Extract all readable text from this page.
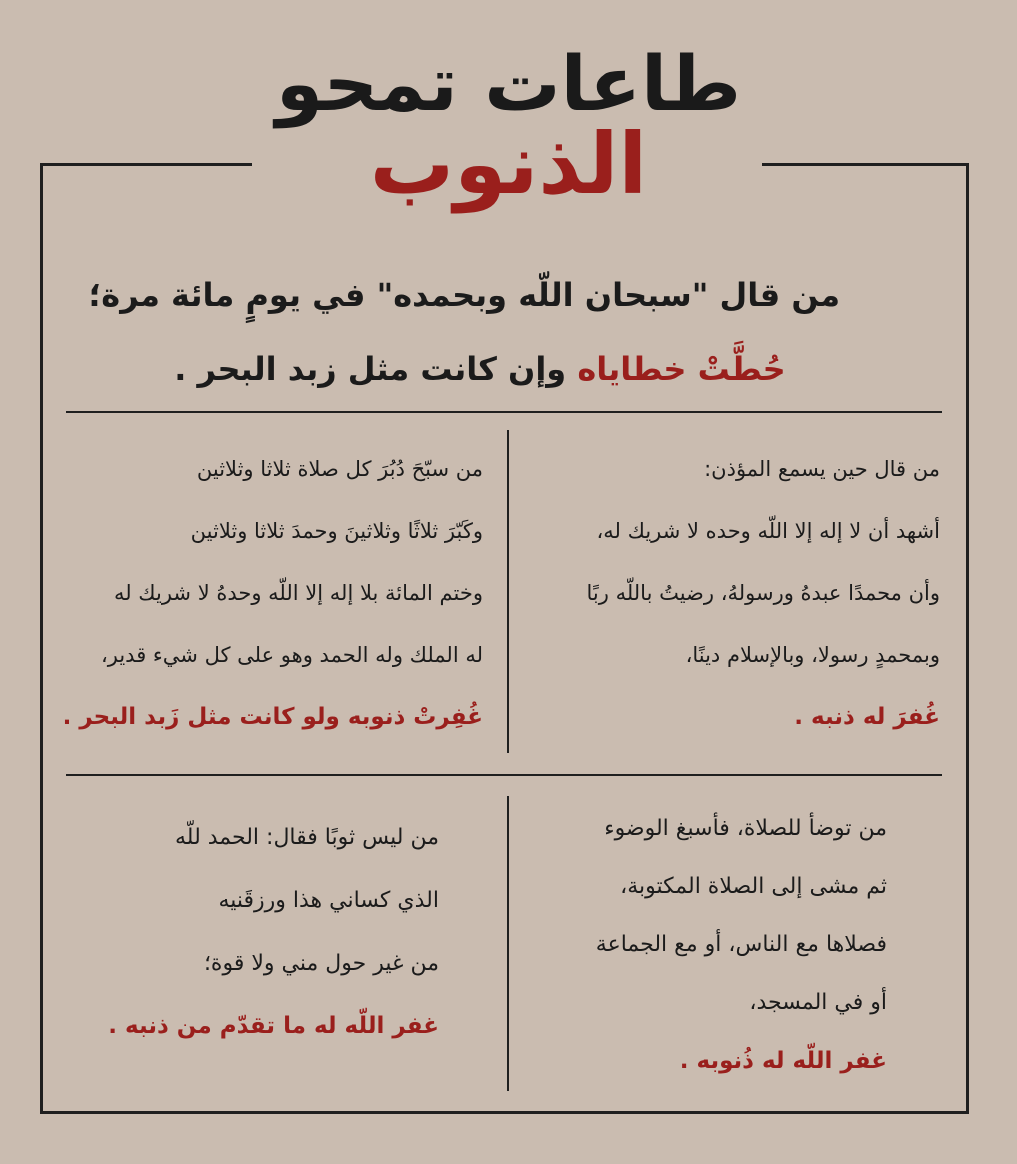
طاعات تمحو
الذنوب
من قال "سبحان اللّه وبحمده" في يومٍ مائة مرة؛
حُطَّتْ خطاياه وإن كانت مثل زبد البحر .
من قال حين يسمع المؤذن:
أشهد أن لا إله إلا اللّه وحده لا شريك له،
وأن محمدًا عبدهُ ورسولهُ، رضيتُ باللّه ربًا
وبمحمدٍ رسولا، وبالإسلام دينًا،
غُفرَ له ذنبه .
من سبّحَ دُبُرَ كل صلاة ثلاثا وثلاثين
وكَبّرَ ثلاثًا وثلاثينَ وحمدَ ثلاثا وثلاثين
وختم المائة بلا إله إلا اللّه وحدهُ لا شريك له
له الملك وله الحمد وهو على كل شيء قدير،
غُفِرتْ ذنوبه ولو كانت مثل زَبد البحر .
من توضأ للصلاة، فأسبغ الوضوء
ثم مشى إلى الصلاة المكتوبة،
فصلاها مع الناس، أو مع الجماعة
أو في المسجد،
غفر اللّه له ذُنوبه .
من ليس ثوبًا فقال: الحمد للّه
الذي كساني هذا ورزقَنيه
من غير حول مني ولا قوة؛
غفر اللّه له ما تقدّم من ذنبه .
